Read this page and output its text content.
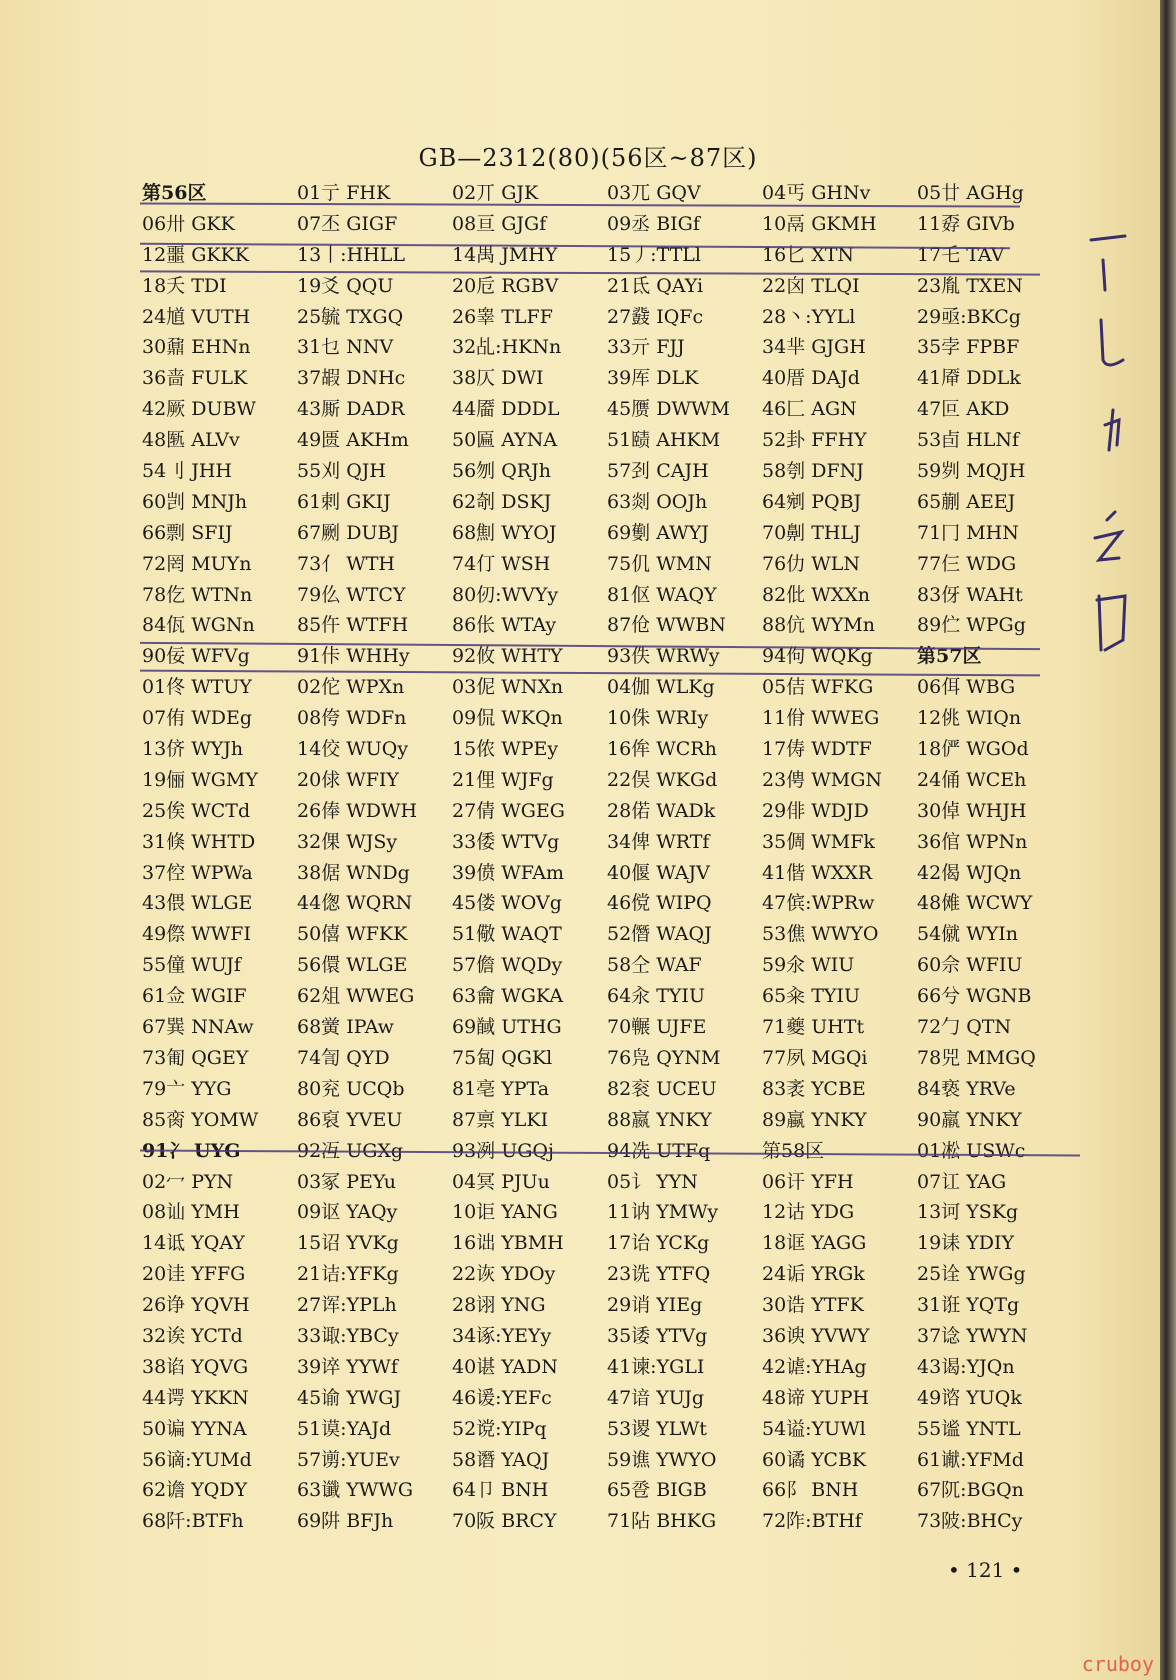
GB—2312(80)(56区~87区)
第56区	01亍 FHK	02丌 GJK	03兀 GQV	04丐 GHNv	05廿 AGHg
06卅 GKK	07丕 GIGF	08亘 GJGf	09丞 BIGf	10鬲 GKMH	11孬 GIVb
12噩 GKKK	13丨:HHLL	14禺 JMHY	15丿:TTLl	16匕 XTN	17乇 TAV
18夭 TDI	19爻 QQU	20卮 RGBV	21氐 QAYi	22囟 TLQI	23胤 TXEN
24馗 VUTH	25毓 TXGQ	26睾 TLFF	27鼗 IQFc	28丶:YYLl	29亟:BKCg
30鼐 EHNn	31乜 NNV	32乩:HKNn	33亓 FJJ	34芈 GJGH	35孛 FPBF
36啬 FULK	37嘏 DNHc	38仄 DWI	39厍 DLK	40厝 DAJd	41厣 DDLk
42厥 DUBW	43厮 DADR	44靥 DDDL	45赝 DWWM	46匚 AGN	47叵 AKD
48匦 ALVv	49匮 AKHm	50匾 AYNA	51赜 AHKM	52卦 FFHY	53卣 HLNf
54刂 JHH	55刈 QJH	56刎 QRJh	57刭 CAJH	58刳 DFNJ	59刿 MQJH
60剀 MNJh	61剌 GKIJ	62剞 DSKJ	63剡 OOJh	64剜 PQBJ	65蒯 AEEJ
66剽 SFIJ	67劂 DUBJ	68劁 WYOJ	69劐 AWYJ	70劓 THLJ	71冂 MHN
72罔 MUYn	73亻 WTH	74仃 WSH	75仉 WMN	76仂 WLN	77仨 WDG
78仡 WTNn	79仫 WTCY	80仞:WVYy	81伛 WAQY	82仳 WXXn	83伢 WAHt
84佤 WGNn	85仵 WTFH	86伥 WTAy	87伧 WWBN	88伉 WYMn	89伫 WPGg
90佞 WFVg	91佧 WHHy	92攸 WHTY	93佚 WRWy	94佝 WQKg	第57区
01佟 WTUY	02佗 WPXn	03伲 WNXn	04伽 WLKg	05佶 WFKG	06佴 WBG
07侑 WDEg	08侉 WDFn	09侃 WKQn	10侏 WRIy	11佾 WWEG	12佻 WIQn
13侪 WYJh	14佼 WUQy	15侬 WPEy	16侔 WCRh	17俦 WDTF	18俨 WGOd
19俪 WGMY	20俅 WFIY	21俚 WJFg	22俣 WKGd	23俜 WMGN	24俑 WCEh
25俟 WCTd	26俸 WDWH	27倩 WGEG	28偌 WADk	29俳 WDJD	30倬 WHJH
31倏 WHTD	32倮 WJSy	33倭 WTVg	34俾 WRTf	35倜 WMFk	36倌 WPNn
37倥 WPWa	38倨 WNDg	39偾 WFAm	40偃 WAJV	41偕 WXXR	42偈 WJQn
43偎 WLGE	44偬 WQRN	45偻 WOVg	46傥 WIPQ	47傧:WPRw	48傩 WCWY
49傺 WWFI	50僖 WFKK	51儆 WAQT	52僭 WAQJ	53僬 WWYO	54僦 WYIn
55僮 WUJf	56儇 WLGE	57儋 WQDy	58仝 WAF	59氽 WIU	60佘 WFIU
61佥 WGIF	62俎 WWEG	63龠 WGKA	64汆 TYIU	65籴 TYIU	66兮 WGNB
67巽 NNAw	68黉 IPAw	69馘 UTHG	70冁 UJFE	71夔 UHTt	72勹 QTN
73匍 QGEY	74訇 QYD	75匐 QGKl	76凫 QYNM	77夙 MGQi	78兕 MMGQ
79亠 YYG	80兖 UCQb	81亳 YPTa	82衮 UCEU	83袤 YCBE	84亵 YRVe
85脔 YOMW	86裒 YVEU	87禀 YLKI	88嬴 YNKY	89蠃 YNKY	90羸 YNKY
91冫 UYG	92冱 UGXg	93冽 UGQj	94冼 UTFq	第58区	01凇 USWc
02冖 PYN	03冢 PEYu	04冥 PJUu	05讠 YYN	06讦 YFH	07讧 YAG
08讪 YMH	09讴 YAQy	10讵 YANG	11讷 YMWy	12诂 YDG	13诃 YSKg
14诋 YQAY	15诏 YVKg	16诎 YBMH	17诒 YCKg	18诓 YAGG	19诔 YDIY
20诖 YFFG	21诘:YFKg	22诙 YDOy	23诜 YTFQ	24诟 YRGk	25诠 YWGg
26诤 YQVH	27诨:YPLh	28诩 YNG	29诮 YIEg	30诰 YTFK	31诳 YQTg
32诶 YCTd	33诹:YBCy	34诼:YEYy	35诿 YTVg	36谀 YVWY	37谂 YWYN
38谄 YQVG	39谇 YYWf	40谌 YADN	41谏:YGLI	42谑:YHAg	43谒:YJQn
44谔 YKKN	45谕 YWGJ	46谖:YEFc	47谙 YUJg	48谛 YUPH	49谘 YUQk
50谝 YYNA	51谟:YAJd	52谠:YIPq	53谡 YLWt	54谥:YUWl	55谧 YNTL
56谪:YUMd	57谫:YUEv	58谮 YAQJ	59谯 YWYO	60谲 YCBK	61谳:YFMd
62谵 YQDY	63谶 YWWG	64卩 BNH	65卺 BIGB	66阝 BNH	67阢:BGQn
68阡:BTFh	69阱 BFJh	70阪 BRCY	71阽 BHKG	72阼:BTHf	73陂:BHCy
• 121 •
cruboy
